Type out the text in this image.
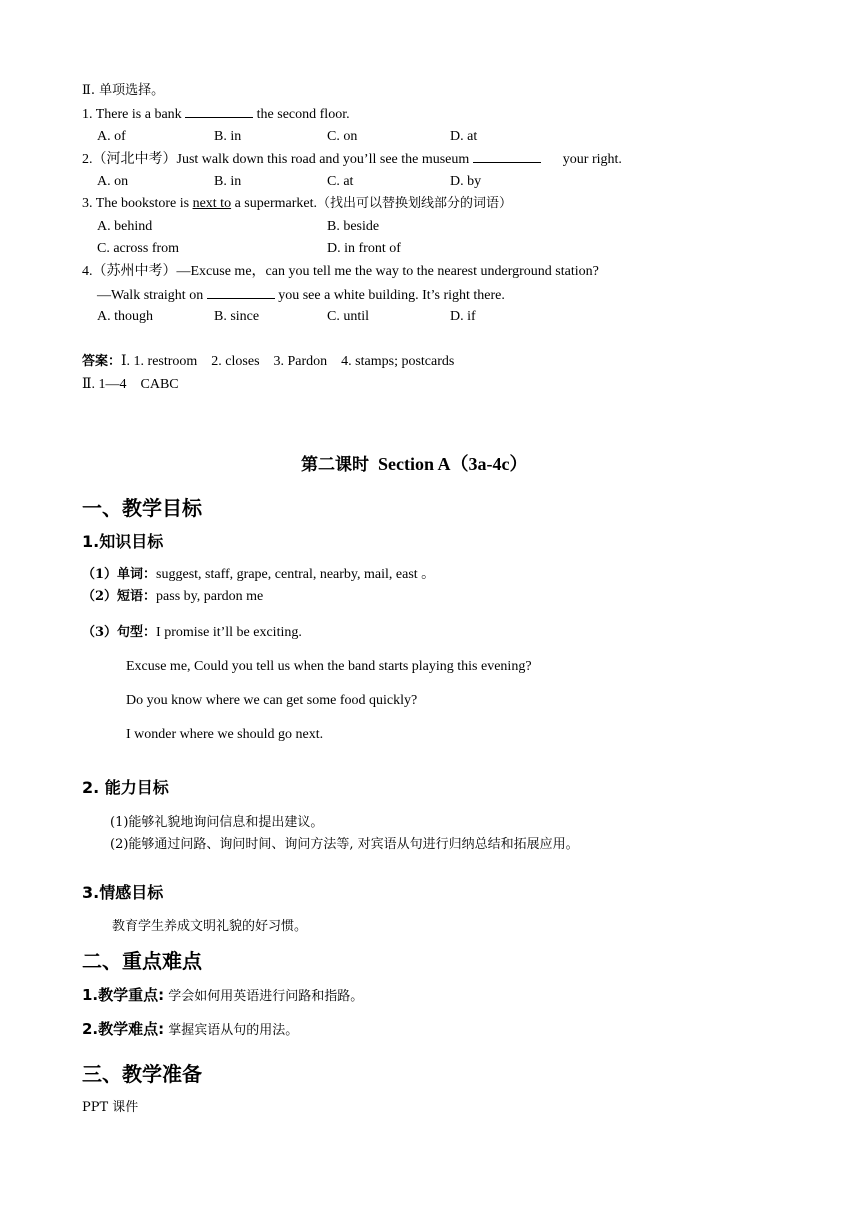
Ⅱ. 单项选择。
1. There is a bank	the second floor.
A. of	B. in	C. on	D. at
2.（河北中考）Just walk down this road and you’ll see the museum	your right.
A. on	B. in	C. at	D. by
3. The bookstore is next to a supermarket.（找出可以替换划线部分的词语）
A. behind	B. beside
C. across from	D. in front of
4.（苏州中考）—Excuse me，can you tell me the way to the nearest underground station?
—Walk straight on	you see a white building. It’s right there.
A. though	B. since	C. until	D. if
答案：Ⅰ. 1. restroom　2. closes　3. Pardon　4. stamps; postcards
Ⅱ. 1—4　CABC
第二课时 Section A（3a-4c）
一、教学目标
1.知识目标
（1）单词：suggest, staff, grape, central, nearby, mail, east 。
（2）短语：pass by, pardon me
（3）句型：I promise it’ll be exciting.
Excuse me, Could you tell us when the band starts playing this evening?
Do you know where we can get some food quickly?
I wonder where we should go next.
2. 能力目标
(1)能够礼貌地询问信息和提出建议。
(2)能够通过问路、询问时间、询问方法等, 对宾语从句进行归纳总结和拓展应用。
3.情感目标
教育学生养成文明礼貌的好习惯。
二、重点难点
1.教学重点: 学会如何用英语进行问路和指路。
2.教学难点: 掌握宾语从句的用法。
三、教学准备
PPT 课件
